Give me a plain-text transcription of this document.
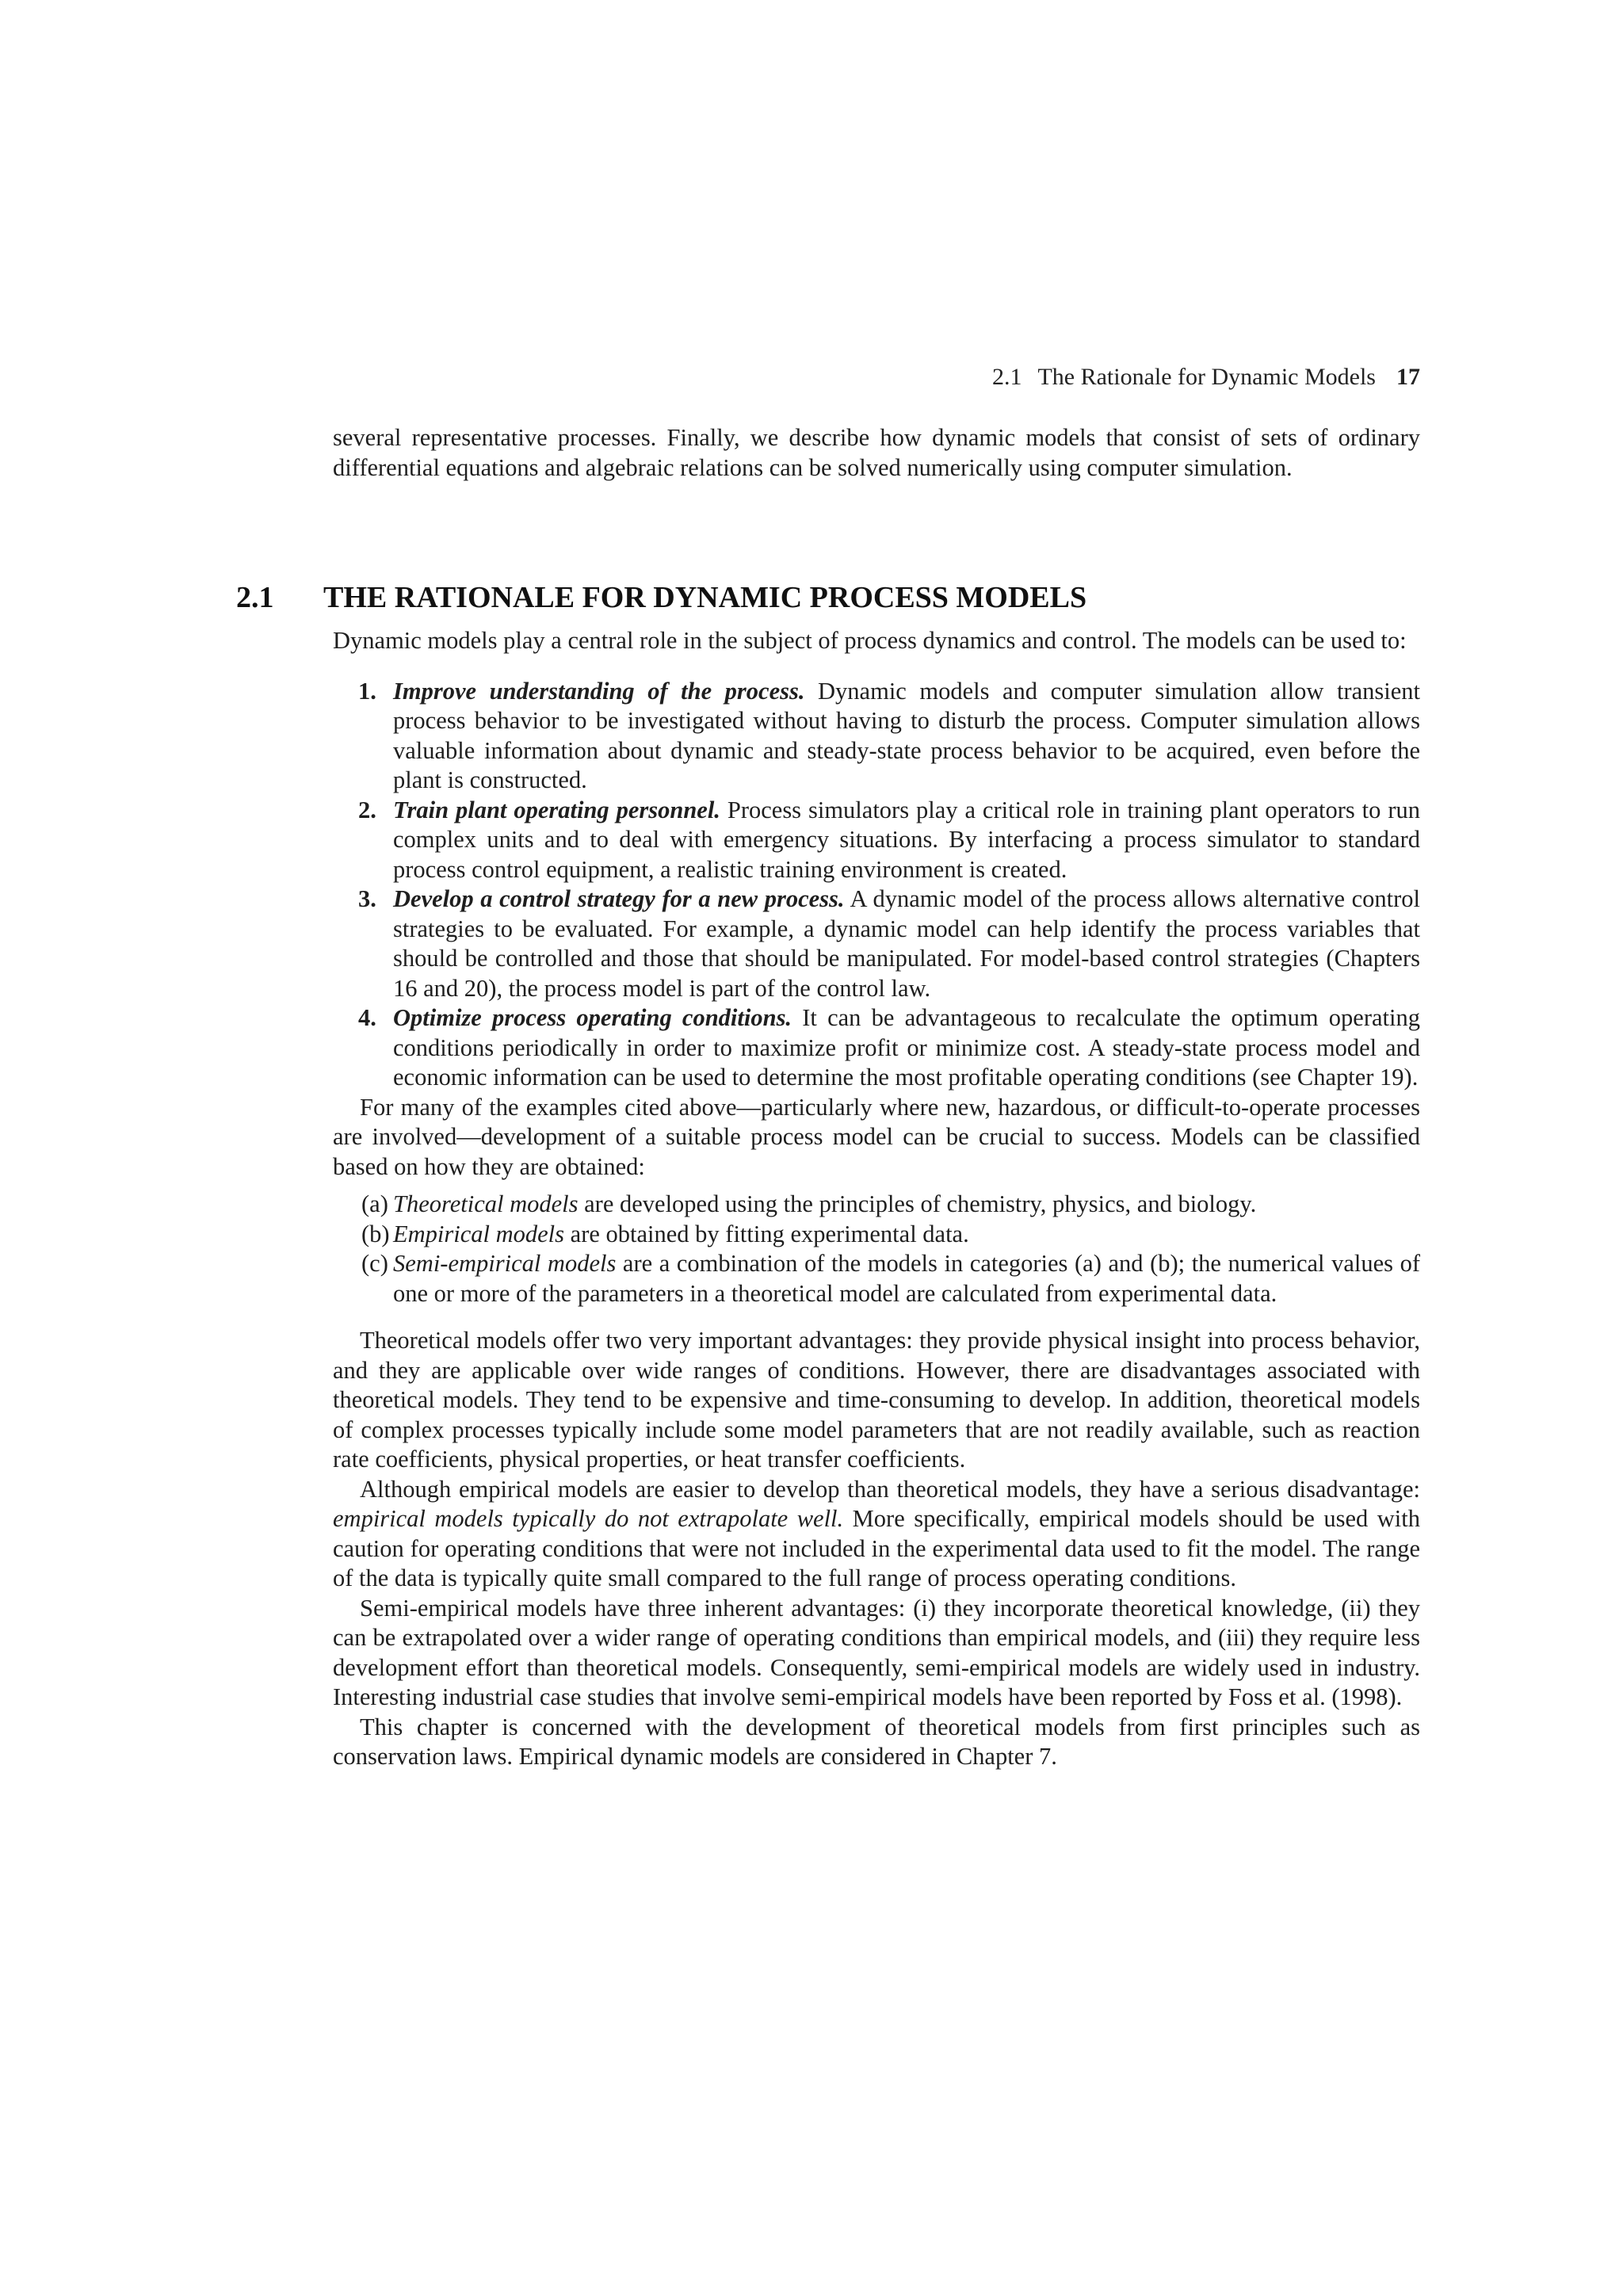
2.1 The Rationale for Dynamic Models 17

several representative processes. Finally, we describe how dynamic models that consist of sets of ordinary differential equations and algebraic relations can be solved numerically using computer simulation.

2.1 THE RATIONALE FOR DYNAMIC PROCESS MODELS

Dynamic models play a central role in the subject of process dynamics and control. The models can be used to:

1. Improve understanding of the process. Dynamic models and computer simulation allow transient process behavior to be investigated without having to disturb the process. Computer simulation allows valuable information about dynamic and steady-state process behavior to be acquired, even before the plant is constructed.
2. Train plant operating personnel. Process simulators play a critical role in training plant operators to run complex units and to deal with emergency situations. By interfacing a process simulator to standard process control equipment, a realistic training environment is created.
3. Develop a control strategy for a new process. A dynamic model of the process allows alternative control strategies to be evaluated. For example, a dynamic model can help identify the process variables that should be controlled and those that should be manipulated. For model-based control strategies (Chapters 16 and 20), the process model is part of the control law.
4. Optimize process operating conditions. It can be advantageous to recalculate the optimum operating conditions periodically in order to maximize profit or minimize cost. A steady-state process model and economic information can be used to determine the most profitable operating conditions (see Chapter 19).

For many of the examples cited above—particularly where new, hazardous, or difficult-to-operate processes are involved—development of a suitable process model can be crucial to success. Models can be classified based on how they are obtained:

(a) Theoretical models are developed using the principles of chemistry, physics, and biology.
(b) Empirical models are obtained by fitting experimental data.
(c) Semi-empirical models are a combination of the models in categories (a) and (b); the numerical values of one or more of the parameters in a theoretical model are calculated from experimental data.

Theoretical models offer two very important advantages: they provide physical insight into process behavior, and they are applicable over wide ranges of conditions. However, there are disadvantages associated with theoretical models. They tend to be expensive and time-consuming to develop. In addition, theoretical models of complex processes typically include some model parameters that are not readily available, such as reaction rate coefficients, physical properties, or heat transfer coefficients.

Although empirical models are easier to develop than theoretical models, they have a serious disadvantage: empirical models typically do not extrapolate well. More specifically, empirical models should be used with caution for operating conditions that were not included in the experimental data used to fit the model. The range of the data is typically quite small compared to the full range of process operating conditions.

Semi-empirical models have three inherent advantages: (i) they incorporate theoretical knowledge, (ii) they can be extrapolated over a wider range of operating conditions than empirical models, and (iii) they require less development effort than theoretical models. Consequently, semi-empirical models are widely used in industry. Interesting industrial case studies that involve semi-empirical models have been reported by Foss et al. (1998).

This chapter is concerned with the development of theoretical models from first principles such as conservation laws. Empirical dynamic models are considered in Chapter 7.
